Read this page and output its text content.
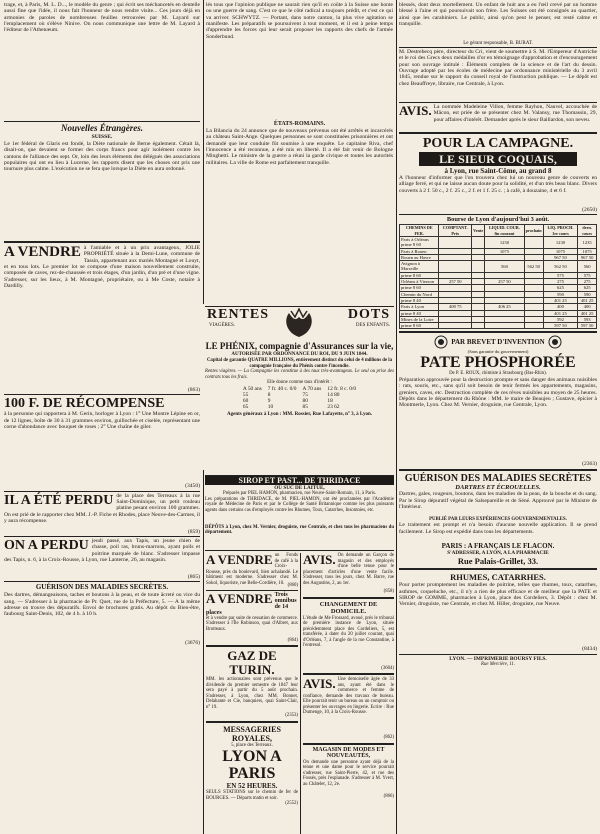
trage, et, à Paris, M. L. D..., le modèle du genre ; qui écrit ses méchancetés en dentelle aussi fine que l'idée, il nous fait l'honneur de nous rendre visite... Ces jours déjà en armonies de paroles de nombreuses feuilles retrouvées par M. Layard sur l'emplacement où s'élève Ninive. On nous communique une lettre de M. Layard à l'éditeur de l'Athenæum.

Nouvelles Étrangères.
SUISSE.

Le 1er fédéral de Glaris est fondé, la Diète nationale de Berne également. Cétait là, disait-on, que devaient se former des corps francs pour agir isolément contre les cantons de l'alliance des sept. Or, loin des leurs éléments des délégués des associations populaires qui ont eu lieu à Lucerne, les rapports disent que les choses ont pris une tournure plus calme. L'exécution ne se fera que lorsque la Diète en aura ordonné.

A VENDRE à l'amiable et à un prix avantageux, JOLIE PROPRIÉTÉ située à la Demi-Lune, commune de Tassin, appartenant aux mariés Montagné et Louyt, et en tous lots. Le premier lot se compose d'une maison nouvellement construite, composée de caves, rez-de-chaussée et trois étages, d'un jardin, d'un pré et d'une vigne. S'adresser, sur les lieux, à M. Montagné, propriétaire, ou à Me Coste, notaire à Dardilly.

(863)
100 F. DE RÉCOMPENSE

à la personne qui rapportera à M. Gerin, horloger à Lyon : 1° Une Montre Lépine en or, de 12 lignes, boîte de 30 à 31 grammes environ, guillochée et ciselée, représentant une corne d'abondance avec bouquet de roses ; 2° Une chaîne de giler.

(3450)
IL A ÉTÉ PERDU de la place des Terreaux à la rue Saint-Dominique, un petit rouleau platine pesant environ 100 grammes. On est prié de le rapporter chez MM. J.-P. Fiche et Rhodes, place Neuve-des-Carmes, il y aura récompense.

(859)
ON A PERDU jeudi passé, aux Tapis, un jeune chien de chasse, poil ras, bruns-marrons, ayant poils et poitrine marquée de blanc. S'adresser impasse des Tapis, n. 6, à la Croix-Rousse, à Lyon, rue Lanterne, 26, au magasin.

(865)
GUÉRISON DES MALADIES SECRÈTES.

Des dartres, démangeaisons, taches et boutons à la peau, et de toute âcreté ou vice du sang. — S'adresser à la pharmacie de Pr. Quet, rue de la Préfecture, 5. — A la même adresse on trouve des dépuratifs. Envoi de brochures gratis. Au dépôt du Bien-être, faubourg Saint-Denis, 102, de 4 h. à 10 h.

(3676)

lés tous que l'opinion publique ne saurait rien qu'il en coûte à la Suisse une honte ou une guerre de sang. C'est ce que le côté radical a toujours prédit, et c'est ce qui va arriver. SCHWYTZ. — Portant, dans notre canton, la plus vive agitation se manifeste. Les préparatifs se poursuivent à tout moment, et il est à peine temps d'apprendre les forces qui leur serait proposer les rapports des chefs de l'armée Sonderbund.

ÉTATS-ROMAINS.

La Bilancia du 24 annonce que de nouveaux prévenus ont été arrêtés et incarcérés au château Saint-Ange. Quelques personnes se sont constituées prisonnières et ont demandé que leur conduite fût soumise à une enquête. Le capitaine Riva, chef l'innocence a été reconnue, a été mis en liberté. Il a été fait venir de Bologne Minghetti. Le ministre de la guerre a réuni la garde civique et toutes les autorités militaires. La ville de Rome est parfaitement tranquille.

RENTES
VIAGÈRES.
DOTS
DES ENFANTS.
LE PHÉNIX, compagnie d'Assurances sur la vie,
AUTORISÉE PAR ORDONNANCE DU ROI, DU 9 JUIN 1844.

Capital de garantie QUATRE MILLIONS, entièrement distinct du celui de 4 millions de la compagnie française du Phénix contre l'incendie.

Rentes viagères. — La Compagnie les constitue à des taux très-avantageux. Le seul ou prise des contrats tous les frais.

Elle donne comme taux d'intérêt :
A 50 ans	7 fr. 40 c. 0/0	A 70 ans	12 fr. 8 c. 0/0
55	8	75	14 80
60	9	80	18
65	10	85	23 62
Agents généraux à Lyon : MM. Rossier, Rue Lafayette, n° 3, à Lyon.
SIROP ET PAST... DE THRIDACE
OU SUC DE LAITUE,
Préparés par PIEL HAMON, pharmacien, rue Neuve-Saint-Romain, 11, à Paris.

Les préparations de THRIDACE, de M. PIEL-HAMON, ont été proclamées par l'Académie royale de Médecine de Paris et par le Collège de Santé Britannique comme les plus puissants agents dans certains cas d'employés contre les Rhumes, Toux, Catarrhes, Insomnies, etc.

DÉPÔTS à Lyon, chez M. Vernier, droguiste, rue Centrale, et chez tous les pharmaciens du département.

A VENDRE un Fonds de café à la Croix-Rousse, près du boulevard, bien achalandé. Le bâtiment est moderne. S'adresser chez M. Sokol, liquoriste, rue Belle-Cordière, 10. (860)
A VENDRE Trois omnibus de 14 places

et à vendre par suite de cessation de commerce. S'adresser à l'Île Robinson, quai d'Albret, aux Brotteaux.

(864)
GAZ DE TURIN.

MM. les actionnaires sont prévenus que le dividende du premier semestre de 1847 leur sera payé à partir du 5 août prochain. S'adresser, à Lyon, chez MM. Bonnet, Delahante et Cie, banquiers, quai Saint-Clair, n° 19.

(2353)
MESSAGERIES ROYALES,
5, place des Terreaux.
LYON A PARIS
EN 52 HEURES.

SEULS STATIONS sur le chemin de fer de BOURGES. — Départs matin et soir.

(2552)
AVIS. On demande un Garçon de magasin et des employés d'une belle tenue pour le placement d'articles d'une vente facile. S'adresser, tous les jours, chez M. Barre, rue des Augustins, 2, au 1er.

(858)
CHANGEMENT DE DOMICILE.

L'étude de Me Frossard, avoué, prés le tribunal de première instance de Lyon, située précédemment place des Cordeliers, 5, est transférée, à dater du 20 juillet courant, quai d'Orléans, 7, à l'angle de la rue Constantine, à l'entresol.

(3604)
AVIS. Une demoiselle âgée de 33 ans, ayant été dans le commerce et femme de confiance, demande des travaux de bureau. Elle pourrait tenir un bureau ou un comptoir ou présenter les ouvrages en lingerie. Ecrire : Rue Dumenge, 10, à la Croix-Rousse.

(862)
MAGASIN DE MODES ET NOUVEAUTÉS,

On demande une personne ayant déjà de la tenue et une dame pour le service pourrait s'adresser, rue Saint-Pierre, 42, et rue des Fossés, près l'esplanade. S'adresser à M. Yvert, au Châtelet, 12, 2e.

(866)

blessés, dont deux mortellement. Un enfant de huit ans a eu l'œil crevé par un homme blessé à l'aine et qui poursuivait son frère. Les Suisses ont été consignés au quartier, ainsi que les carabiniers. Le public, ainsi qu'on peut le penser, est resté calme et tranquille.

Le gérant responsable, B. BURAT.

M. Destrebecq père, directeur du Cri, vient de soumettre à S. M. l'Empereur d'Autriche et le roi des Grecs deux médailles d'or en témoignage d'approbation et d'encouragement pour son ouvrage intitulé : Éléments complets de la science et de l'art du dessin. Ouvrage adopté par les écoles de médecine par ordonnance ministérielle du 3 avril 1845, rendue sur le rapport du conseil royal de l'instruction publique. — Le dépôt est chez Beauffreye, libraire, rue Centrale, à Lyon.

AVIS. La nommée Madeleine Villon, femme Rayhon, Nauvel, accouchée de Mâcon, est priée de se présenter chez M. Valansy, rue Thomassin, 29, pour affaires d'intérêt. Demander après le sieur Baillardon, son neveu.

POUR LA CAMPAGNE.
LE SIEUR COQUAIS,
à Lyon, rue Saint-Côme, au grand 8

A l'honneur d'informer que l'on trouvera chez lui un nouveau genre de couverts en alliage ferré, et qui ne laisse aucun doute pour la solidité, et d'un très beau blanc. Divers couverts à 2 f. 50 c., 2 f. 25 c., 2 f. et 1 f. 25 c. ; à café, à douzaine, 4 et 6 f.

(2650)
Bourse de Lyon d'aujourd'hui 3 août.
CHEMINS DE FER.	COMPTANT. Prix	Vente	LIQUID. COUR. fin courant	prochain	LIQ. PROCH. 1re cours	dern. cours
Paris à Orléans prime 8 60			1230		1230	1235
Paris à Rouen			1075		1075	1075
Rouen au Havre					967 50	967 50
Avignon à Marseille			560	562 50	562 50	560
prime 8 60					575	575
Orléans à Vierzon	257 50		257 50		275	275
prime 8 60					625	625
Chemin du Nord					590	590
prime 8 40					401 25	401 25
Paris à Lyon	408 75		406 25		400	400
prime 8 40					401 25	401 25
Mines de la Loire					592	593
prime 8 60					597 50	597 50
PAR BREVET D'INVENTION
(Sans garantie du gouvernement)
PATE PHOSPHORÉE
De P. E. ROUX, chimiste à Strasbourg (Bas-Rhin).

Préparation approuvée pour la destruction prompte et sans danger des animaux nuisibles : rats, souris, etc., sans qu'il soit besoin de tenir fermés les appartements, magasins, greniers, caves, etc. Destruction complète de ces rêves nuisibles au moyen de 25 heures. Dépôts dans le département du Rhône : MM. le maire de Beaujeu ; Gustave, épicier à Montmerle, Lyon. Chez M. Vernier, droguiste, rue Centrale, Lyon.

(2363)
GUÉRISON DES MALADIES SECRÈTES
DARTRES ET ÉCROUELLES.

Dartres, gales, rougeurs, boutons, dans les maladies de la peau, de la bouche et du sang. Par le Sirop dépuratif végétal de Salsepareille et de Séné. Approuvé par le Ministre de l'Intérieur.

PUBLIÉ PAR LEURS EXPÉRIENCES GOUVERNEMENTALES.

Le traitement est prompt et n'a besoin d'aucune nouvelle application. Il se prend facilement. Le Sirop est expédié dans tous les départements.

PARIS : A FRANÇAIS LE FLACON.
S'ADRESSER, A LYON, A LA PHARMACIE
Rue Palais-Grillet, 33.
RHUMES, CATARRHES.

Pour porter promptement les maladies de poitrine, telles que rhumes, toux, catarrhes, asthmes, coqueluche, etc., il n'y a rien de plus efficace et de meilleur que la PATE et SIROP de GOMME, pharmacien à Lyon, place des Cordeliers, 3. Dépôt : chez M. Vernier, droguiste, rue Centrale, et chez M. Hiller, droguiste, rue Neuve.

(8434)
LYON. — IMPRIMERIE BOURSY FILS.
Rue Mercière, 11.
